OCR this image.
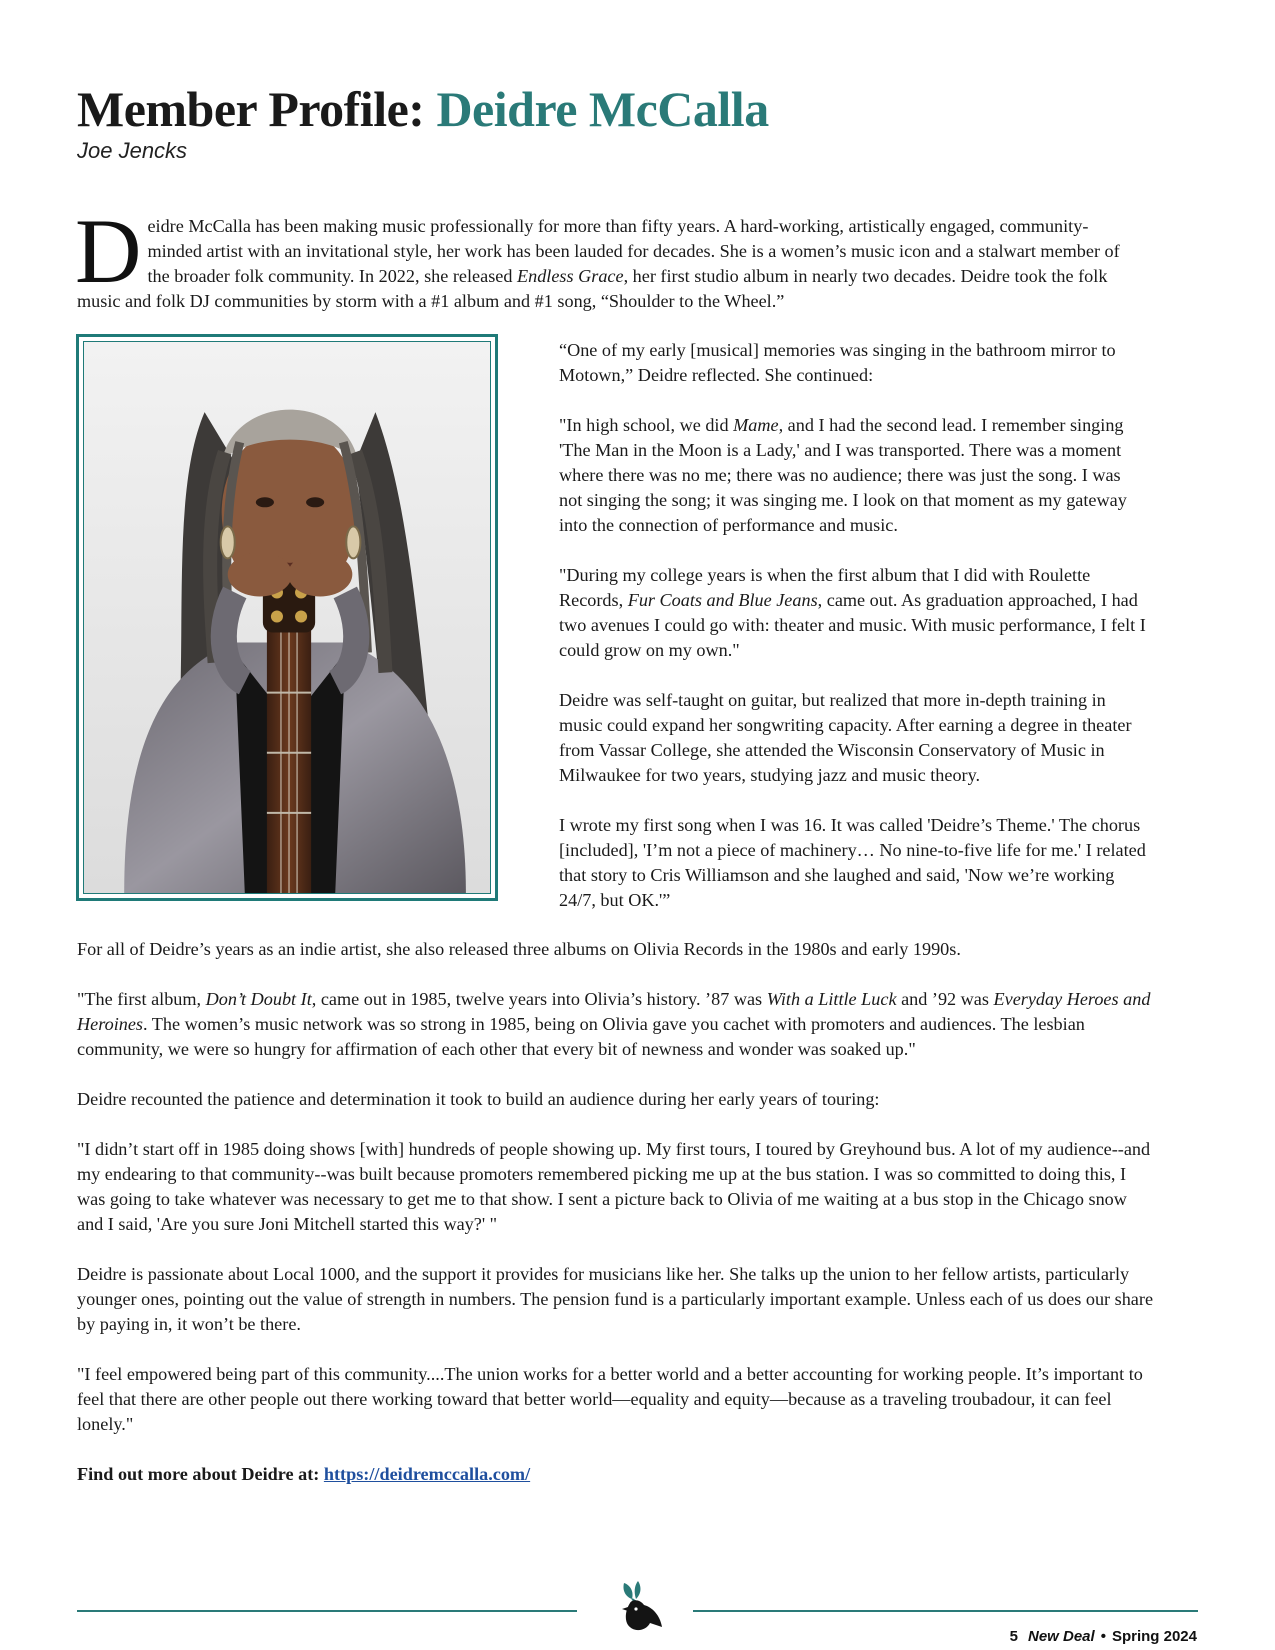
Member Profile: Deidre McCalla
Joe Jencks
D eidre McCalla has been making music professionally for more than fifty years. A hard-working, artistically engaged, community-minded artist with an invitational style, her work has been lauded for decades. She is a women’s music icon and a stalwart member of the broader folk community. In 2022, she released Endless Grace, her first studio album in nearly two decades. Deidre took the folk music and folk DJ communities by storm with a #1 album and #1 song, “Shoulder to the Wheel.”

“One of my early [musical] memories was singing in the bathroom mirror to Motown,” Deidre reflected. She continued:

"In high school, we did Mame, and I had the second lead. I remember singing 'The Man in the Moon is a Lady,' and I was transported. There was a moment where there was no me; there was no audience; there was just the song. I was not singing the song; it was singing me. I look on that moment as my gateway into the connection of performance and music.

"During my college years is when the first album that I did with Roulette Records, Fur Coats and Blue Jeans, came out. As graduation approached, I had two avenues I could go with: theater and music. With music performance, I felt I could grow on my own."

Deidre was self-taught on guitar, but realized that more in-depth training in music could expand her songwriting capacity. After earning a degree in theater from Vassar College, she attended the Wisconsin Conservatory of Music in Milwaukee for two years, studying jazz and music theory.

I wrote my first song when I was 16. It was called 'Deidre’s Theme.' The chorus [included], 'I’m not a piece of machinery… No nine-to-five life for me.' I related that story to Cris Williamson and she laughed and said, 'Now we’re working 24/7, but OK.'”

For all of Deidre’s years as an indie artist, she also released three albums on Olivia Records in the 1980s and early 1990s.

"The first album, Don’t Doubt It, came out in 1985, twelve years into Olivia’s history. ’87 was With a Little Luck and ’92 was Everyday Heroes and Heroines. The women’s music network was so strong in 1985, being on Olivia gave you cachet with promoters and audiences. The lesbian community, we were so hungry for affirmation of each other that every bit of newness and wonder was soaked up."

Deidre recounted the patience and determination it took to build an audience during her early years of touring:

"I didn’t start off in 1985 doing shows [with] hundreds of people showing up. My first tours, I toured by Greyhound bus. A lot of my audience--and my endearing to that community--was built because promoters remembered picking me up at the bus station. I was so committed to doing this, I was going to take whatever was necessary to get me to that show. I sent a picture back to Olivia of me waiting at a bus stop in the Chicago snow and I said, 'Are you sure Joni Mitchell started this way?' "

Deidre is passionate about Local 1000, and the support it provides for musicians like her. She talks up the union to her fellow artists, particularly younger ones, pointing out the value of strength in numbers. The pension fund is a particularly important example. Unless each of us does our share by paying in, it won’t be there.

"I feel empowered being part of this community....The union works for a better world and a better accounting for working people. It’s important to feel that there are other people out there working toward that better world—equality and equity—because as a traveling troubadour, it can feel lonely."

Find out more about Deidre at: https://deidremccalla.com/

5 New Deal • Spring 2024
